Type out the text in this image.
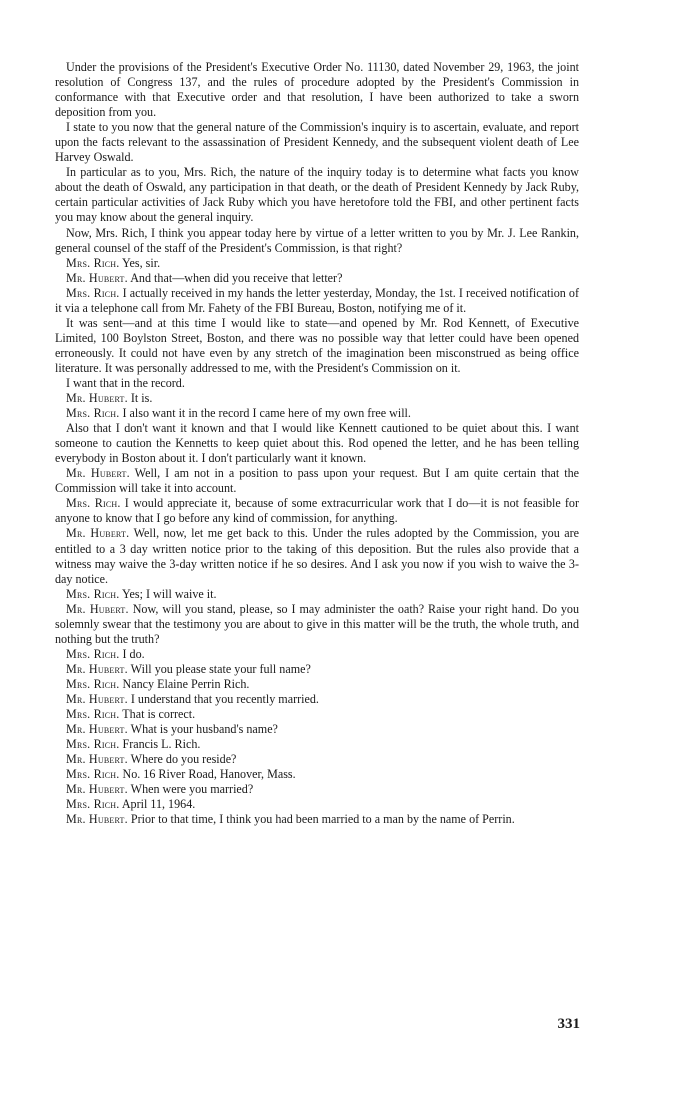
Under the provisions of the President's Executive Order No. 11130, dated November 29, 1963, the joint resolution of Congress 137, and the rules of procedure adopted by the President's Commission in conformance with that Executive order and that resolution, I have been authorized to take a sworn deposition from you.

I state to you now that the general nature of the Commission's inquiry is to ascertain, evaluate, and report upon the facts relevant to the assassination of President Kennedy, and the subsequent violent death of Lee Harvey Oswald.

In particular as to you, Mrs. Rich, the nature of the inquiry today is to determine what facts you know about the death of Oswald, any participation in that death, or the death of President Kennedy by Jack Ruby, certain particular activities of Jack Ruby which you have heretofore told the FBI, and other pertinent facts you may know about the general inquiry.

Now, Mrs. Rich, I think you appear today here by virtue of a letter written to you by Mr. J. Lee Rankin, general counsel of the staff of the President's Commission, is that right?

Mrs. Rich. Yes, sir.

Mr. Hubert. And that—when did you receive that letter?

Mrs. Rich. I actually received in my hands the letter yesterday, Monday, the 1st. I received notification of it via a telephone call from Mr. Fahety of the FBI Bureau, Boston, notifying me of it.

It was sent—and at this time I would like to state—and opened by Mr. Rod Kennett, of Executive Limited, 100 Boylston Street, Boston, and there was no possible way that letter could have been opened erroneously. It could not have even by any stretch of the imagination been misconstrued as being office literature. It was personally addressed to me, with the President's Commission on it.

I want that in the record.

Mr. Hubert. It is.

Mrs. Rich. I also want it in the record I came here of my own free will.

Also that I don't want it known and that I would like Kennett cautioned to be quiet about this. I want someone to caution the Kennetts to keep quiet about this. Rod opened the letter, and he has been telling everybody in Boston about it. I don't particularly want it known.

Mr. Hubert. Well, I am not in a position to pass upon your request. But I am quite certain that the Commission will take it into account.

Mrs. Rich. I would appreciate it, because of some extracurricular work that I do—it is not feasible for anyone to know that I go before any kind of commission, for anything.

Mr. Hubert. Well, now, let me get back to this. Under the rules adopted by the Commission, you are entitled to a 3 day written notice prior to the taking of this deposition. But the rules also provide that a witness may waive the 3-day written notice if he so desires. And I ask you now if you wish to waive the 3-day notice.

Mrs. Rich. Yes; I will waive it.

Mr. Hubert. Now, will you stand, please, so I may administer the oath? Raise your right hand. Do you solemnly swear that the testimony you are about to give in this matter will be the truth, the whole truth, and nothing but the truth?

Mrs. Rich. I do.

Mr. Hubert. Will you please state your full name?

Mrs. Rich. Nancy Elaine Perrin Rich.

Mr. Hubert. I understand that you recently married.

Mrs. Rich. That is correct.

Mr. Hubert. What is your husband's name?

Mrs. Rich. Francis L. Rich.

Mr. Hubert. Where do you reside?

Mrs. Rich. No. 16 River Road, Hanover, Mass.

Mr. Hubert. When were you married?

Mrs. Rich. April 11, 1964.

Mr. Hubert. Prior to that time, I think you had been married to a man by the name of Perrin.

331
